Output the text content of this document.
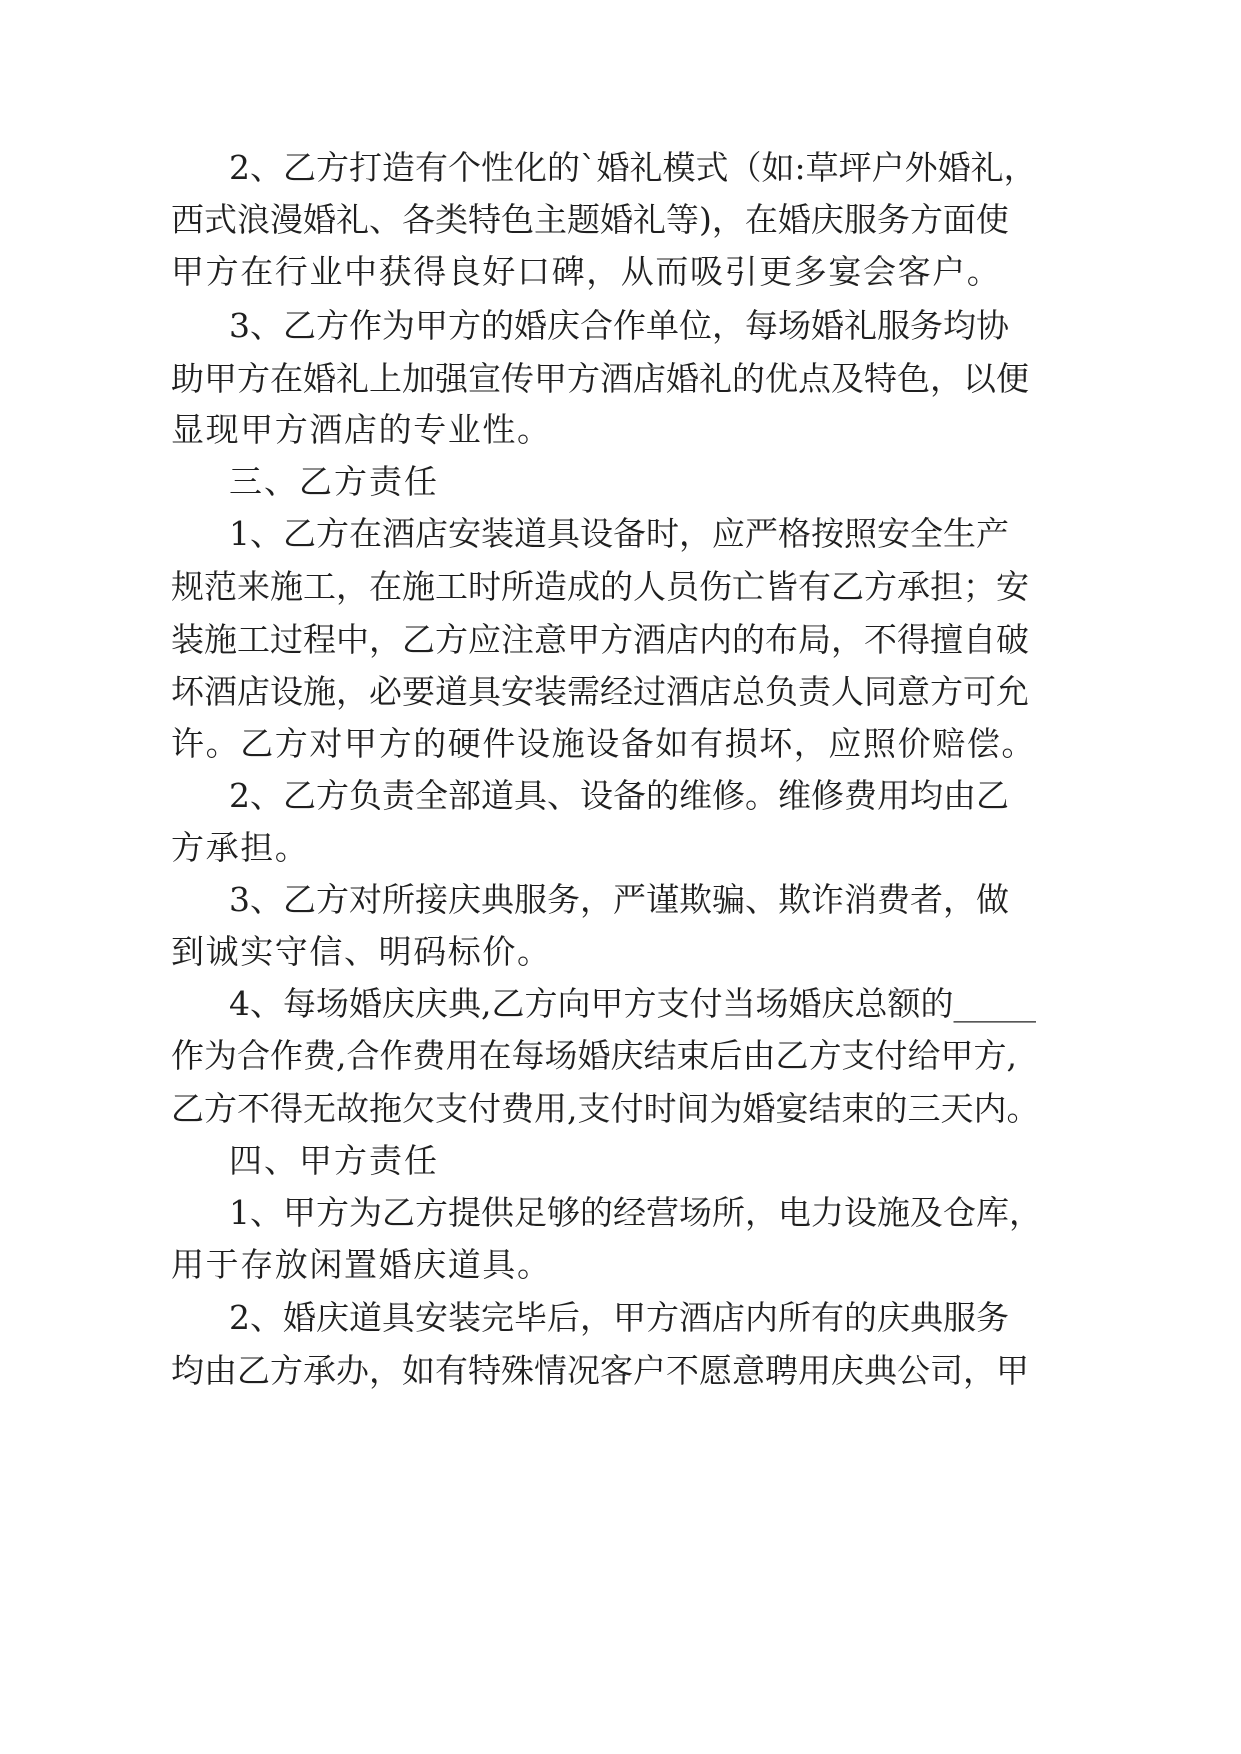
2 、 乙 方 打 造 有 个 性 化 的 ` 婚 礼 模 式 （ 如 : 草 坪 户 外 婚 礼 ，
西 式 浪 漫 婚 礼 、 各 类 特 色 主 题 婚 礼 等 ) ， 在 婚 庆 服 务 方 面 使
甲方在行业中获得良好口碑，从而吸引更多宴会客户。
3 、 乙 方 作 为 甲 方 的 婚 庆 合 作 单 位 ， 每 场 婚 礼 服 务 均 协
助 甲 方 在 婚 礼 上 加 强 宣 传 甲 方 酒 店 婚 礼 的 优 点 及 特 色 ， 以 便
显现甲方酒店的专业性。
三、乙方责任
1 、 乙 方 在 酒 店 安 装 道 具 设 备 时 ， 应 严 格 按 照 安 全 生 产
规 范 来 施 工 ， 在 施 工 时 所 造 成 的 人 员 伤 亡 皆 有 乙 方 承 担 ； 安
装 施 工 过 程 中 ， 乙 方 应 注 意 甲 方 酒 店 内 的 布 局 ， 不 得 擅 自 破
坏 酒 店 设 施 ， 必 要 道 具 安 装 需 经 过 酒 店 总 负 责 人 同 意 方 可 允
许。乙方对甲方的硬件设施设备如有损坏，应照价赔偿。
2 、 乙 方 负 责 全 部 道 具 、 设 备 的 维 修 。 维 修 费 用 均 由 乙
方承担。
3 、 乙 方 对 所 接 庆 典 服 务 ， 严 谨 欺 骗 、 欺 诈 消 费 者 ， 做
到诚实守信、明码标价。
4 、 每 场 婚 庆 庆 典 , 乙 方 向 甲 方 支 付 当 场 婚 庆 总 额 的 _ _ _ _ _
作 为 合 作 费 , 合 作 费 用 在 每 场 婚 庆 结 束 后 由 乙 方 支 付 给 甲 方 ,
乙 方 不 得 无 故 拖 欠 支 付 费 用 , 支 付 时 间 为 婚 宴 结 束 的 三 天 内 。
四、甲方责任
1 、 甲 方 为 乙 方 提 供 足 够 的 经 营 场 所 ， 电 力 设 施 及 仓 库 ，
用于存放闲置婚庆道具。
2 、 婚 庆 道 具 安 装 完 毕 后 ， 甲 方 酒 店 内 所 有 的 庆 典 服 务
均 由 乙 方 承 办 ， 如 有 特 殊 情 况 客 户 不 愿 意 聘 用 庆 典 公 司 ， 甲
